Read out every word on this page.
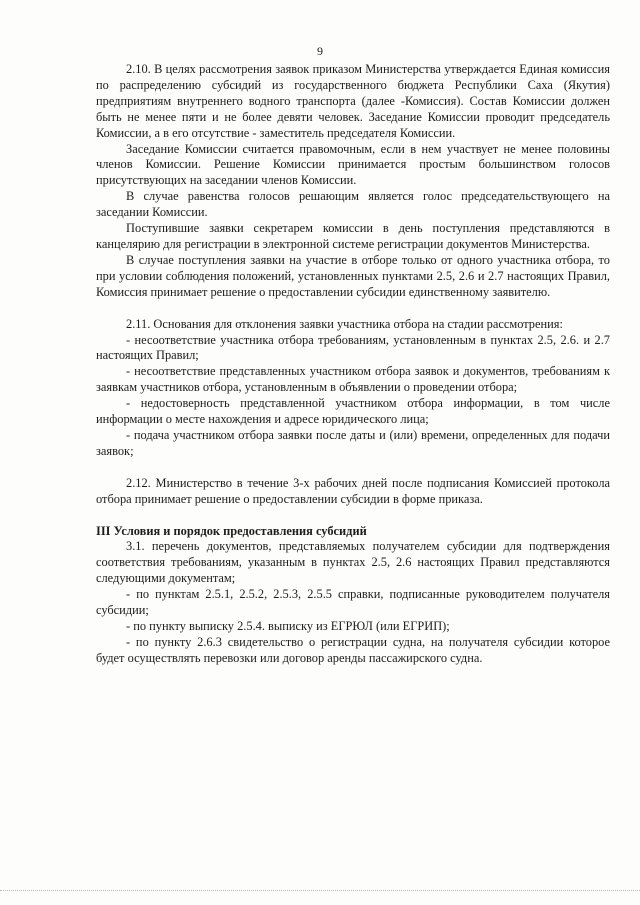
9

2.10. В целях рассмотрения заявок приказом Министерства утверждается Единая комиссия по распределению субсидий из государственного бюджета Республики Саха (Якутия) предприятиям внутреннего водного транспорта (далее -Комиссия). Состав Комиссии должен быть не менее пяти и не более девяти человек. Заседание Комиссии проводит председатель Комиссии, а в его отсутствие - заместитель председателя Комиссии.

Заседание Комиссии считается правомочным, если в нем участвует не менее половины членов Комиссии. Решение Комиссии принимается простым большинством голосов присутствующих на заседании членов Комиссии.

В случае равенства голосов решающим является голос председательствующего на заседании Комиссии.

Поступившие заявки секретарем комиссии в день поступления представляются в канцелярию для регистрации в электронной системе регистрации документов Министерства.

В случае поступления заявки на участие в отборе только от одного участника отбора, то при условии соблюдения положений, установленных пунктами 2.5, 2.6 и 2.7 настоящих Правил, Комиссия принимает решение о предоставлении субсидии единственному заявителю.

2.11. Основания для отклонения заявки участника отбора на стадии рассмотрения:

- несоответствие участника отбора требованиям, установленным в пунктах 2.5, 2.6. и 2.7 настоящих Правил;

- несоответствие представленных участником отбора заявок и документов, требованиям к заявкам участников отбора, установленным в объявлении о проведении отбора;

- недостоверность представленной участником отбора информации, в том числе информации о месте нахождения и адресе юридического лица;

- подача участником отбора заявки после даты и (или) времени, определенных для подачи заявок;

2.12. Министерство в течение 3-х рабочих дней после подписания Комиссией протокола отбора принимает решение о предоставлении субсидии в форме приказа.

III Условия и порядок предоставления субсидий

3.1. перечень документов, представляемых получателем субсидии для подтверждения соответствия требованиям, указанным в пунктах 2.5, 2.6 настоящих Правил представляются следующими документам;

- по пунктам 2.5.1, 2.5.2, 2.5.3, 2.5.5 справки, подписанные руководителем получателя субсидии;

- по пункту выписку 2.5.4. выписку из ЕГРЮЛ (или ЕГРИП);

- по пункту 2.6.3 свидетельство о регистрации судна, на получателя субсидии которое будет осуществлять перевозки или договор аренды пассажирского судна.
